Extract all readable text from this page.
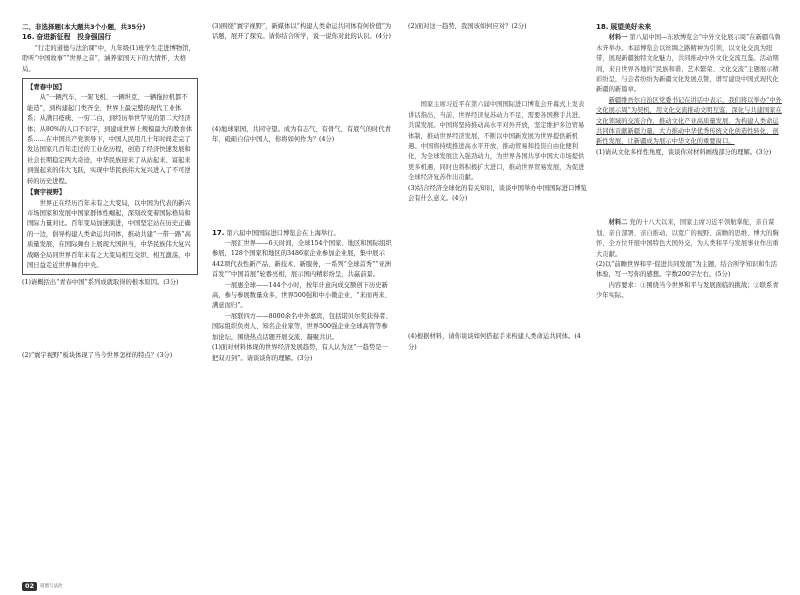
二、非选择题(本大题共3个小题，共35分)

16. 奋进新征程　投身强国行

“行走的道德与法治课”中，九年级(1)班学生走进博物馆，聆听“中国故事”“世界之音”，涵养家国天下的大情怀、大格局。

【青春中国】

从“一辆汽车、一架飞机、一辆坦克、一辆拖拉机都不能造”，到构建起门类齐全、世界上最完整的现代工业体系；从满目疮痍、一穷二白，到经历举世罕见的第二大经济体；从80%的人口不识字，到建成世界上规模最大的教育体系……在中国共产党领导下，中国人民用几十年时间走完了发达国家几百年走过的工业化历程，创造了经济快速发展和社会长期稳定两大奇迹，中华民族迎来了从站起来、富起来到强起来的伟大飞跃，实现中华民族伟大复兴进入了不可逆转的历史进程。

【寰宇视野】

世界正在经历百年未有之大变局，以中国为代表的新兴市场国家和发展中国家群体性崛起，深刻改变着国际格局和国际力量对比。百年变局加速演进，中国坚定站在历史正确的一边，倡导构建人类命运共同体，推动共建“一带一路”高质量发展，在国际舞台上展现大国担当，中华民族伟大复兴战略全局同世界百年未有之大变局相互交织、相互激荡，中国日益走近世界舞台中央。

(1)请概括出“青春中国”系列成就取得的根本原因。(3分)

(2)“寰宇视野”板块体现了当今世界怎样的特点？(3分)

(3)围绕“寰宇视野”，新媒体以“构建人类命运共同体有何价值”为话题，展开了探究。请你结合所学，说一说你对此的认识。(4分)

(4)地球家园，共同守望。成为有志气、有骨气、有底气的时代青年，砥砺自信中国人，你将如何作为？(4分)

17. 第六届中国国际进口博览会在上海举行。

一展汇世界——6天时间，全球154个国家、地区和国际组织参展，128个国家和地区的3486家企业参加企业展，集中展示442项代表性新产品、新技术、新服务，一系列“全球首秀”“亚洲首发”“中国首展”轮番亮相，展示国内精彩纷呈，共赢前景。

一展惠全球——144个小时，按年计意向成交额创下历史新高，参与参展数量众多，世界500强和中小微企业、“来而再来、满意而归”。

一展联四方——8000余名中外嘉宾，包括诺贝尔奖获得者、国际组织负责人、知名企业家等，世界500强企业全球高管等参加论坛，围绕热点话题开展交流、凝聚共识。

(1)面对材料体现的世界经济发展趋势，有人认为这“一趋势是一把双刃剑”。请谈谈你的理解。(3分)

(2)面对这一趋势，我国该如何应对？(2分)

国家主席习近平在第六届中国国际进口博览会开幕式上发表讲话指出，当前，世界经济复苏动力不足，需要各国携手共进，共谋发展。中国将坚持推动高水平对外开放，坚定维护多边贸易体制，推动世界经济发展，不断以中国新发展为世界提供新机遇。中国将持续推进高水平开放，推动贸易和投资自由化便利化，为全球发展注入强劲动力，为世界各国共享中国大市场提供更多机遇，同时也将积极扩大进口，推动世界贸易发展，为促进全球经济复苏作出贡献。

(3)结合经济全球化的有关知识，谈谈中国举办中国国际进口博览会有什么意义。(4分)

(4)根据材料，请你谈谈如何搭起手来构建人类命运共同体。(4分)

18. 展望美好未来

材料一 第八届中国—东欧博览会“中外文化展示周”在新疆乌鲁木齐举办。本届博览会以丝绸之路精神为引领，以文化交流为纽带，展现新疆独特文化魅力，共同推动中外文化交流互鉴。活动期间，来自世界各地的“民族和谐、艺术繁荣、文化交流”主题展示精彩纷呈，与会者纷纷为新疆文化发展点赞，谱写建设中国式现代化新疆的新篇章。

新疆维吾尔自治区党委书记在讲话中表示，我们将以举办“中外文化展示周”为契机，用文化交流推动文明互鉴，深化与共建国家在文化领域的交流合作，推动文化产业高质量发展，为构建人类命运共同体贡献新疆力量，大力推动中华优秀传统文化创造性转化、创新性发展，让新疆成为展示中华文化的重要窗口。

(1)请从文化多样性角度，谈谈你对材料画线部分的理解。(3分)

材料二 党的十八大以来，国家主席习近平领航掌舵，亲自谋划、亲自部署、亲自推动，以宽广的视野、前瞻的思维、博大的胸怀，全方位开展中国特色大国外交，为人类和平与发展事业作出重大贡献。

(2)以“前瞻世界和平·促进共同发展”为主题，结合所学知识和生活体验，写一写你的感想。字数200字左右。(5分)

内容要求：①围绕当今世界和平与发展面临的挑战；②联系青少年实际。

02	道德与法治
